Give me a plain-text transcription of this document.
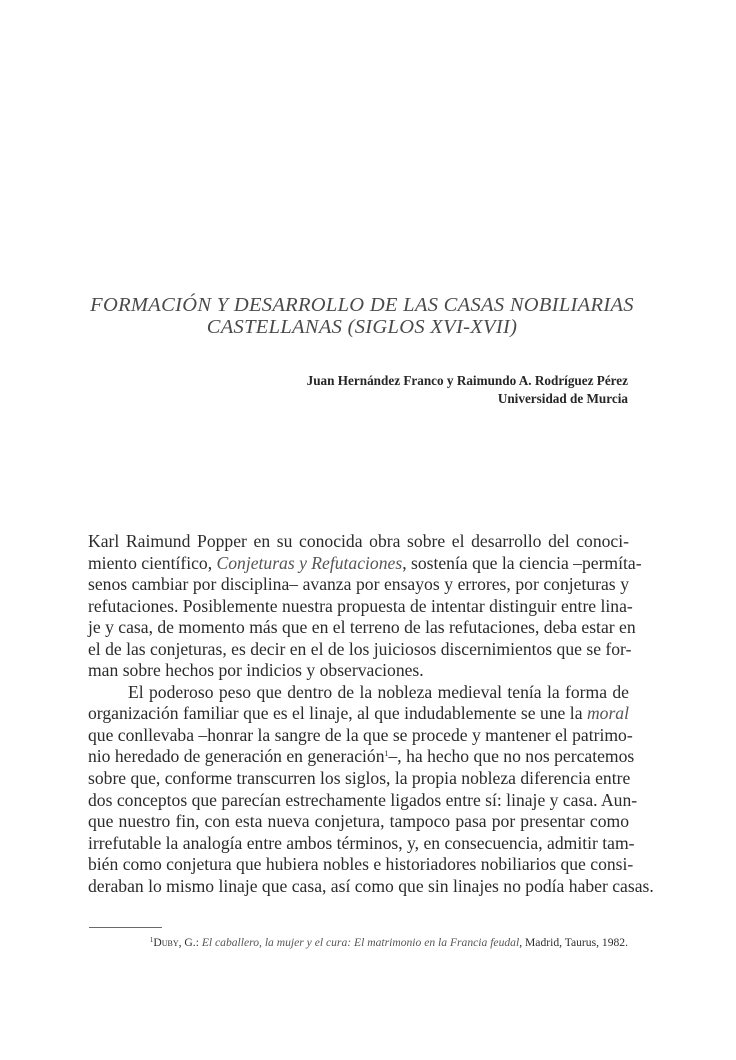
FORMACIÓN Y DESARROLLO DE LAS CASAS NOBILIARIAS
CASTELLANAS (SIGLOS XVI-XVII)
Juan Hernández Franco y Raimundo A. Rodríguez Pérez
Universidad de Murcia
Karl Raimund Popper en su conocida obra sobre el desarrollo del conoci-
miento científico, Conjeturas y Refutaciones, sostenía que la ciencia –permíta-
senos cambiar por disciplina– avanza por ensayos y errores, por conjeturas y
refutaciones. Posiblemente nuestra propuesta de intentar distinguir entre lina-
je y casa, de momento más que en el terreno de las refutaciones, deba estar en
el de las conjeturas, es decir en el de los juiciosos discernimientos que se for-
man sobre hechos por indicios y observaciones.
El poderoso peso que dentro de la nobleza medieval tenía la forma de
organización familiar que es el linaje, al que indudablemente se une la moral
que conllevaba –honrar la sangre de la que se procede y mantener el patrimo-
nio heredado de generación en generación$^1$–, ha hecho que no nos percatemos
sobre que, conforme transcurren los siglos, la propia nobleza diferencia entre
dos conceptos que parecían estrechamente ligados entre sí: linaje y casa. Aun-
que nuestro fin, con esta nueva conjetura, tampoco pasa por presentar como
irrefutable la analogía entre ambos términos, y, en consecuencia, admitir tam-
bién como conjetura que hubiera nobles e historiadores nobiliarios que consi-
deraban lo mismo linaje que casa, así como que sin linajes no podía haber casas.
$^1$Duby, G.: El caballero, la mujer y el cura: El matrimonio en la Francia feudal, Madrid, Taurus, 1982.
